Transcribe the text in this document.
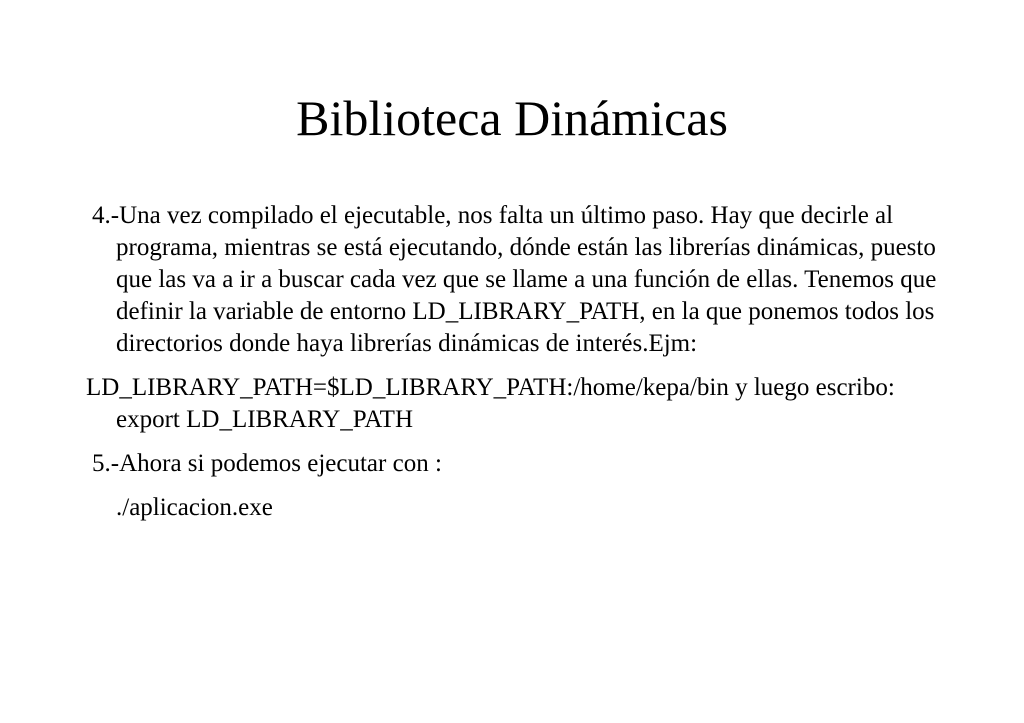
Biblioteca Dinámicas

4.-Una vez compilado el ejecutable, nos falta un último paso. Hay que decirle al programa, mientras se está ejecutando, dónde están las librerías dinámicas, puesto que las va a ir a buscar cada vez que se llame a una función de ellas. Tenemos que definir la variable de entorno LD_LIBRARY_PATH, en la que ponemos todos los directorios donde haya librerías dinámicas de interés.Ejm:

LD_LIBRARY_PATH=$LD_LIBRARY_PATH:/home/kepa/bin y luego escribo: export LD_LIBRARY_PATH

5.-Ahora si podemos ejecutar con :

./aplicacion.exe
